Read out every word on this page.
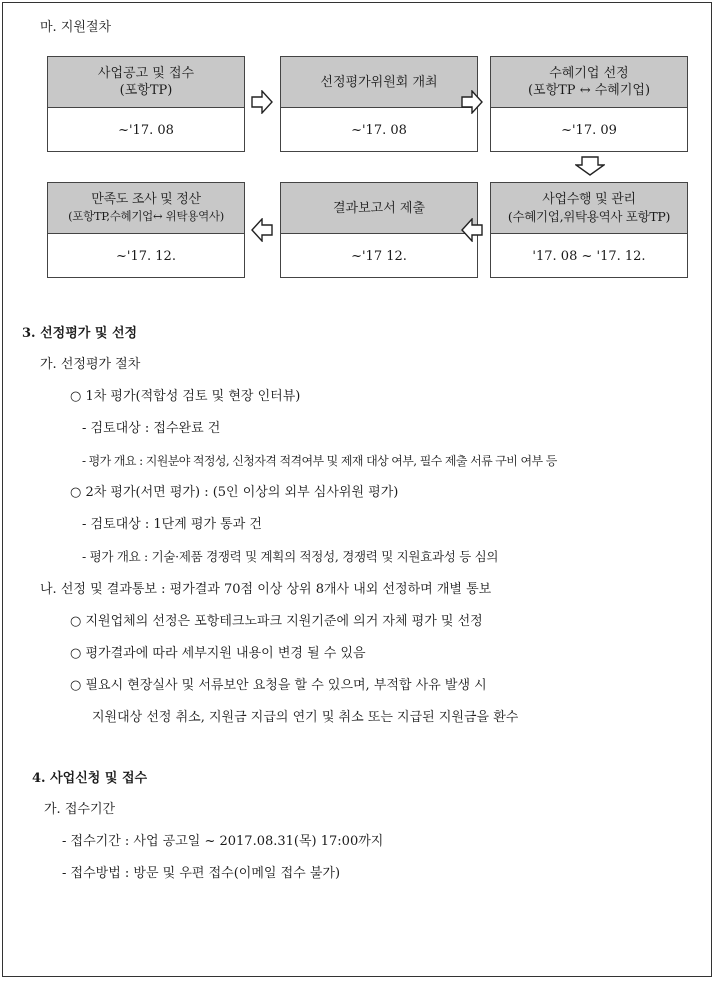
마. 지원절차
사업공고 및 접수
(포항TP)
~'17. 08
선정평가위원회 개최
~'17. 08
수혜기업 선정
(포항TP ↔ 수혜기업)
~'17. 09
만족도 조사 및 정산
(포항TP,수혜기업↔ 위탁용역사)
~'17. 12.
결과보고서 제출
~'17 12.
사업수행 및 관리
(수혜기업,위탁용역사 포항TP)
'17. 08 ~ '17. 12.
3. 선정평가 및 선정
가. 선정평가 절차
○ 1차 평가(적합성 검토 및 현장 인터뷰)
- 검토대상 : 접수완료 건
- 평가 개요 : 지원분야 적정성, 신청자격 적격여부 및 제재 대상 여부, 필수 제출 서류 구비 여부 등
○ 2차 평가(서면 평가) : (5인 이상의 외부 심사위원 평가)
- 검토대상 : 1단계 평가 통과 건
- 평가 개요 : 기술·제품 경쟁력 및 계획의 적정성, 경쟁력 및 지원효과성 등 심의
나. 선정 및 결과통보 : 평가결과 70점 이상 상위 8개사 내외 선정하며 개별 통보
○ 지원업체의 선정은 포항테크노파크 지원기준에 의거 자체 평가 및 선정
○ 평가결과에 따라 세부지원 내용이 변경 될 수 있음
○ 필요시 현장실사 및 서류보안 요청을 할 수 있으며, 부적합 사유 발생 시
지원대상 선정 취소, 지원금 지급의 연기 및 취소 또는 지급된 지원금을 환수
4. 사업신청 및 접수
가. 접수기간
- 접수기간 : 사업 공고일 ~ 2017.08.31(목) 17:00까지
- 접수방법 : 방문 및 우편 접수(이메일 접수 불가)
